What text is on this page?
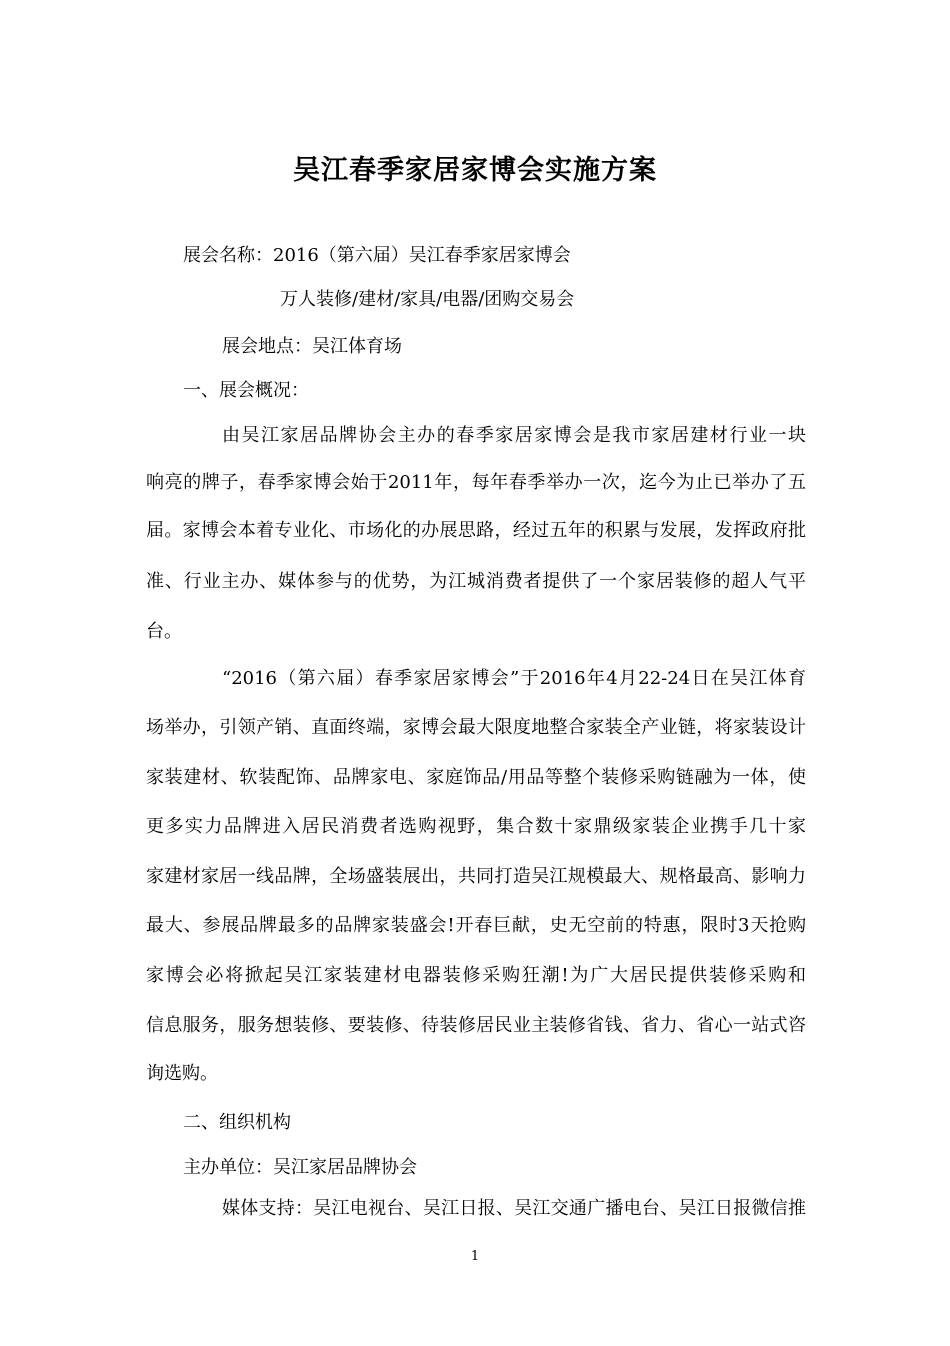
吴江春季家居家博会实施方案
展会名称：2016（第六届）吴江春季家居家博会
万人装修/建材/家具/电器/团购交易会
展会地点：吴江体育场
一、展会概况：
由吴江家居品牌协会主办的春季家居家博会是我市家居建材行业一块
响亮的牌子，春季家博会始于2011年，每年春季举办一次，迄今为止已举办了五
届。家博会本着专业化、市场化的办展思路，经过五年的积累与发展，发挥政府批
准、行业主办、媒体参与的优势，为江城消费者提供了一个家居装修的超人气平
台。
“2016（第六届）春季家居家博会”于2016年4月22-24日在吴江体育
场举办，引领产销、直面终端，家博会最大限度地整合家装全产业链，将家装设计
家装建材、软装配饰、品牌家电、家庭饰品/用品等整个装修采购链融为一体，使
更多实力品牌进入居民消费者选购视野，集合数十家鼎级家装企业携手几十家
家建材家居一线品牌，全场盛装展出，共同打造吴江规模最大、规格最高、影响力
最大、参展品牌最多的品牌家装盛会!开春巨献，史无空前的特惠，限时3天抢购
家博会必将掀起吴江家装建材电器装修采购狂潮!为广大居民提供装修采购和
信息服务，服务想装修、要装修、待装修居民业主装修省钱、省力、省心一站式咨
询选购。
二、组织机构
主办单位：吴江家居品牌协会
媒体支持：吴江电视台、吴江日报、吴江交通广播电台、吴江日报微信推
1
